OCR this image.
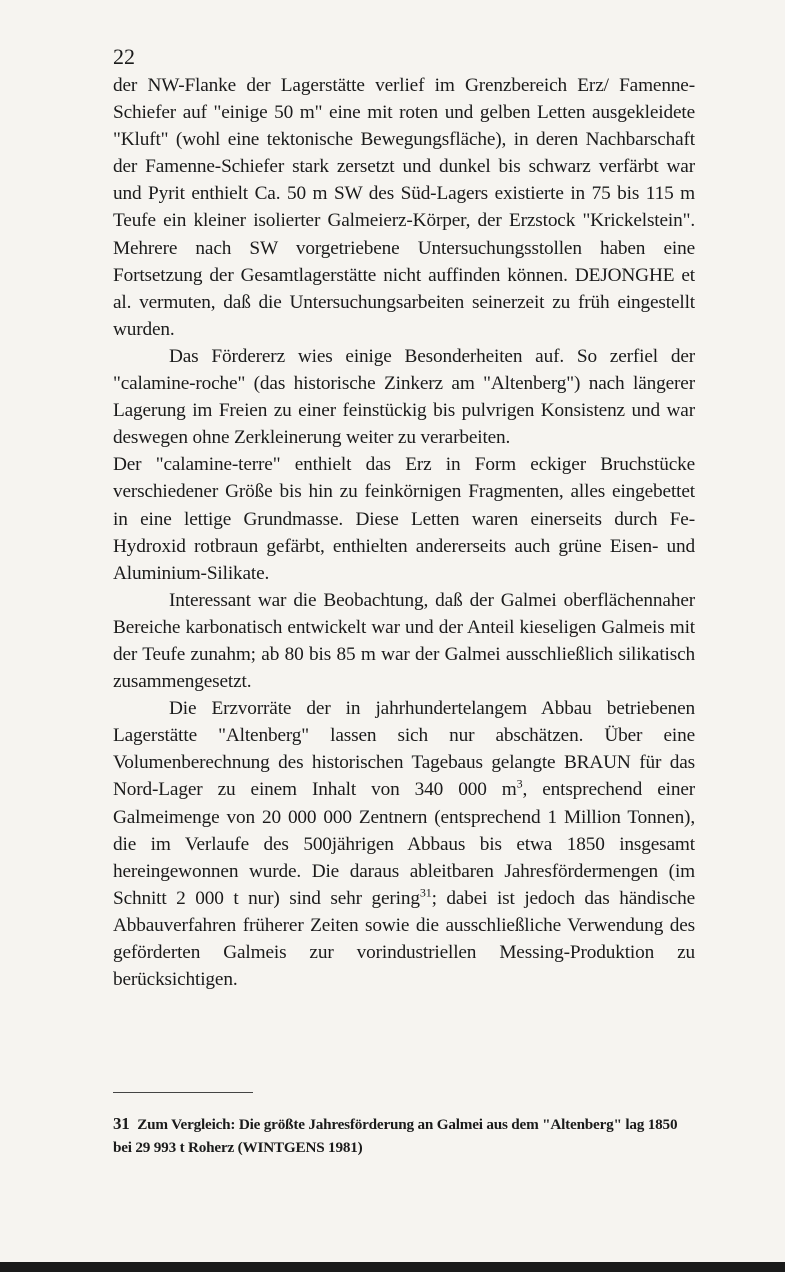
22

der NW-Flanke der Lagerstätte verlief im Grenzbereich Erz/ Famenne-Schiefer auf "einige 50 m" eine mit roten und gelben Letten ausgekleidete "Kluft" (wohl eine tektonische Bewegungsfläche), in deren Nachbarschaft der Famenne-Schiefer stark zersetzt und dunkel bis schwarz verfärbt war und Pyrit enthielt Ca. 50 m SW des Süd-Lagers existierte in 75 bis 115 m Teufe ein kleiner isolierter Galmeierz-Körper, der Erzstock "Krickelstein". Mehrere nach SW vorgetriebene Untersuchungsstollen haben eine Fortsetzung der Gesamtlagerstätte nicht auffinden können. DEJONGHE et al. vermuten, daß die Untersuchungsarbeiten seinerzeit zu früh eingestellt wurden.

Das Fördererz wies einige Besonderheiten auf. So zerfiel der "calamine-roche" (das historische Zinkerz am "Altenberg") nach längerer Lagerung im Freien zu einer feinstückig bis pulvrigen Konsistenz und war deswegen ohne Zerkleinerung weiter zu verarbeiten.

Der "calamine-terre" enthielt das Erz in Form eckiger Bruchstücke verschiedener Größe bis hin zu feinkörnigen Fragmenten, alles eingebettet in eine lettige Grundmasse. Diese Letten waren einerseits durch Fe-Hydroxid rotbraun gefärbt, enthielten andererseits auch grüne Eisen- und Aluminium-Silikate.

Interessant war die Beobachtung, daß der Galmei oberflächennaher Bereiche karbonatisch entwickelt war und der Anteil kieseligen Galmeis mit der Teufe zunahm; ab 80 bis 85 m war der Galmei ausschließlich silikatisch zusammengesetzt.

Die Erzvorräte der in jahrhundertelangem Abbau betriebenen Lagerstätte "Altenberg" lassen sich nur abschätzen. Über eine Volumenberechnung des historischen Tagebaus gelangte BRAUN für das Nord-Lager zu einem Inhalt von 340 000 $m^3$, entsprechend einer Galmeimenge von 20 000 000 Zentnern (entsprechend 1 Million Tonnen), die im Verlaufe des 500jährigen Abbaus bis etwa 1850 insgesamt hereingewonnen wurde. Die daraus ableitbaren Jahresfördermengen (im Schnitt 2 000 t nur) sind sehr gering$^{31}$; dabei ist jedoch das händische Abbauverfahren früherer Zeiten sowie die ausschließliche Verwendung des geförderten Galmeis zur vorindustriellen Messing-Produktion zu berücksichtigen.

31 Zum Vergleich: Die größte Jahresförderung an Galmei aus dem "Altenberg" lag 1850 bei 29 993 t Roherz (WINTGENS 1981)
